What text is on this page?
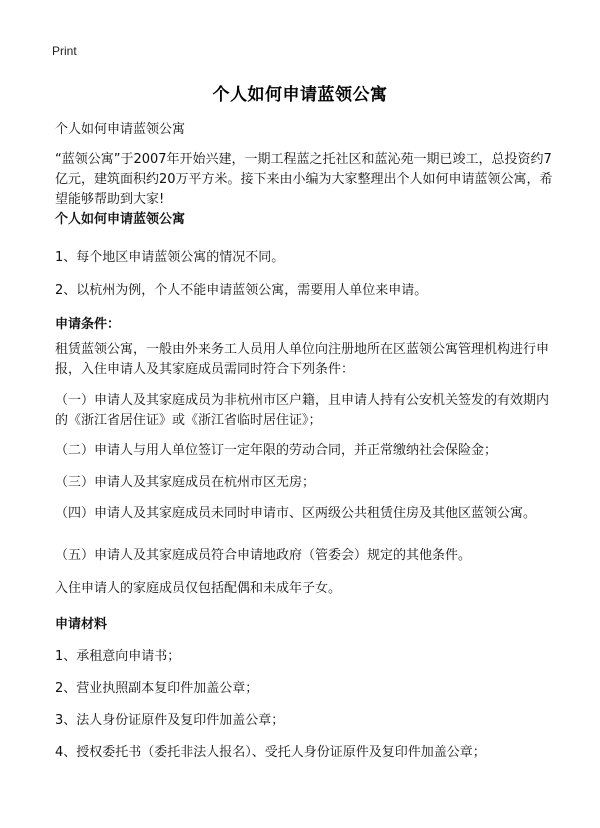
Print
个人如何申请蓝领公寓
个人如何申请蓝领公寓
“蓝领公寓”于2007年开始兴建，一期工程蓝之托社区和蓝沁苑一期已竣工，总投资约7亿元，建筑面积约20万平方米。接下来由小编为大家整理出个人如何申请蓝领公寓，希望能够帮助到大家!
个人如何申请蓝领公寓
1、每个地区申请蓝领公寓的情况不同。
2、以杭州为例，个人不能申请蓝领公寓，需要用人单位来申请。
申请条件：
租赁蓝领公寓，一般由外来务工人员用人单位向注册地所在区蓝领公寓管理机构进行申报，入住申请人及其家庭成员需同时符合下列条件：
（一）申请人及其家庭成员为非杭州市区户籍，且申请人持有公安机关签发的有效期内的《浙江省居住证》或《浙江省临时居住证》；
（二）申请人与用人单位签订一定年限的劳动合同，并正常缴纳社会保险金；
（三）申请人及其家庭成员在杭州市区无房；
（四）申请人及其家庭成员未同时申请市、区两级公共租赁住房及其他区蓝领公寓。
（五）申请人及其家庭成员符合申请地政府（管委会）规定的其他条件。
入住申请人的家庭成员仅包括配偶和未成年子女。
申请材料
1、承租意向申请书；
2、营业执照副本复印件加盖公章；
3、法人身份证原件及复印件加盖公章；
4、授权委托书（委托非法人报名）、受托人身份证原件及复印件加盖公章；
